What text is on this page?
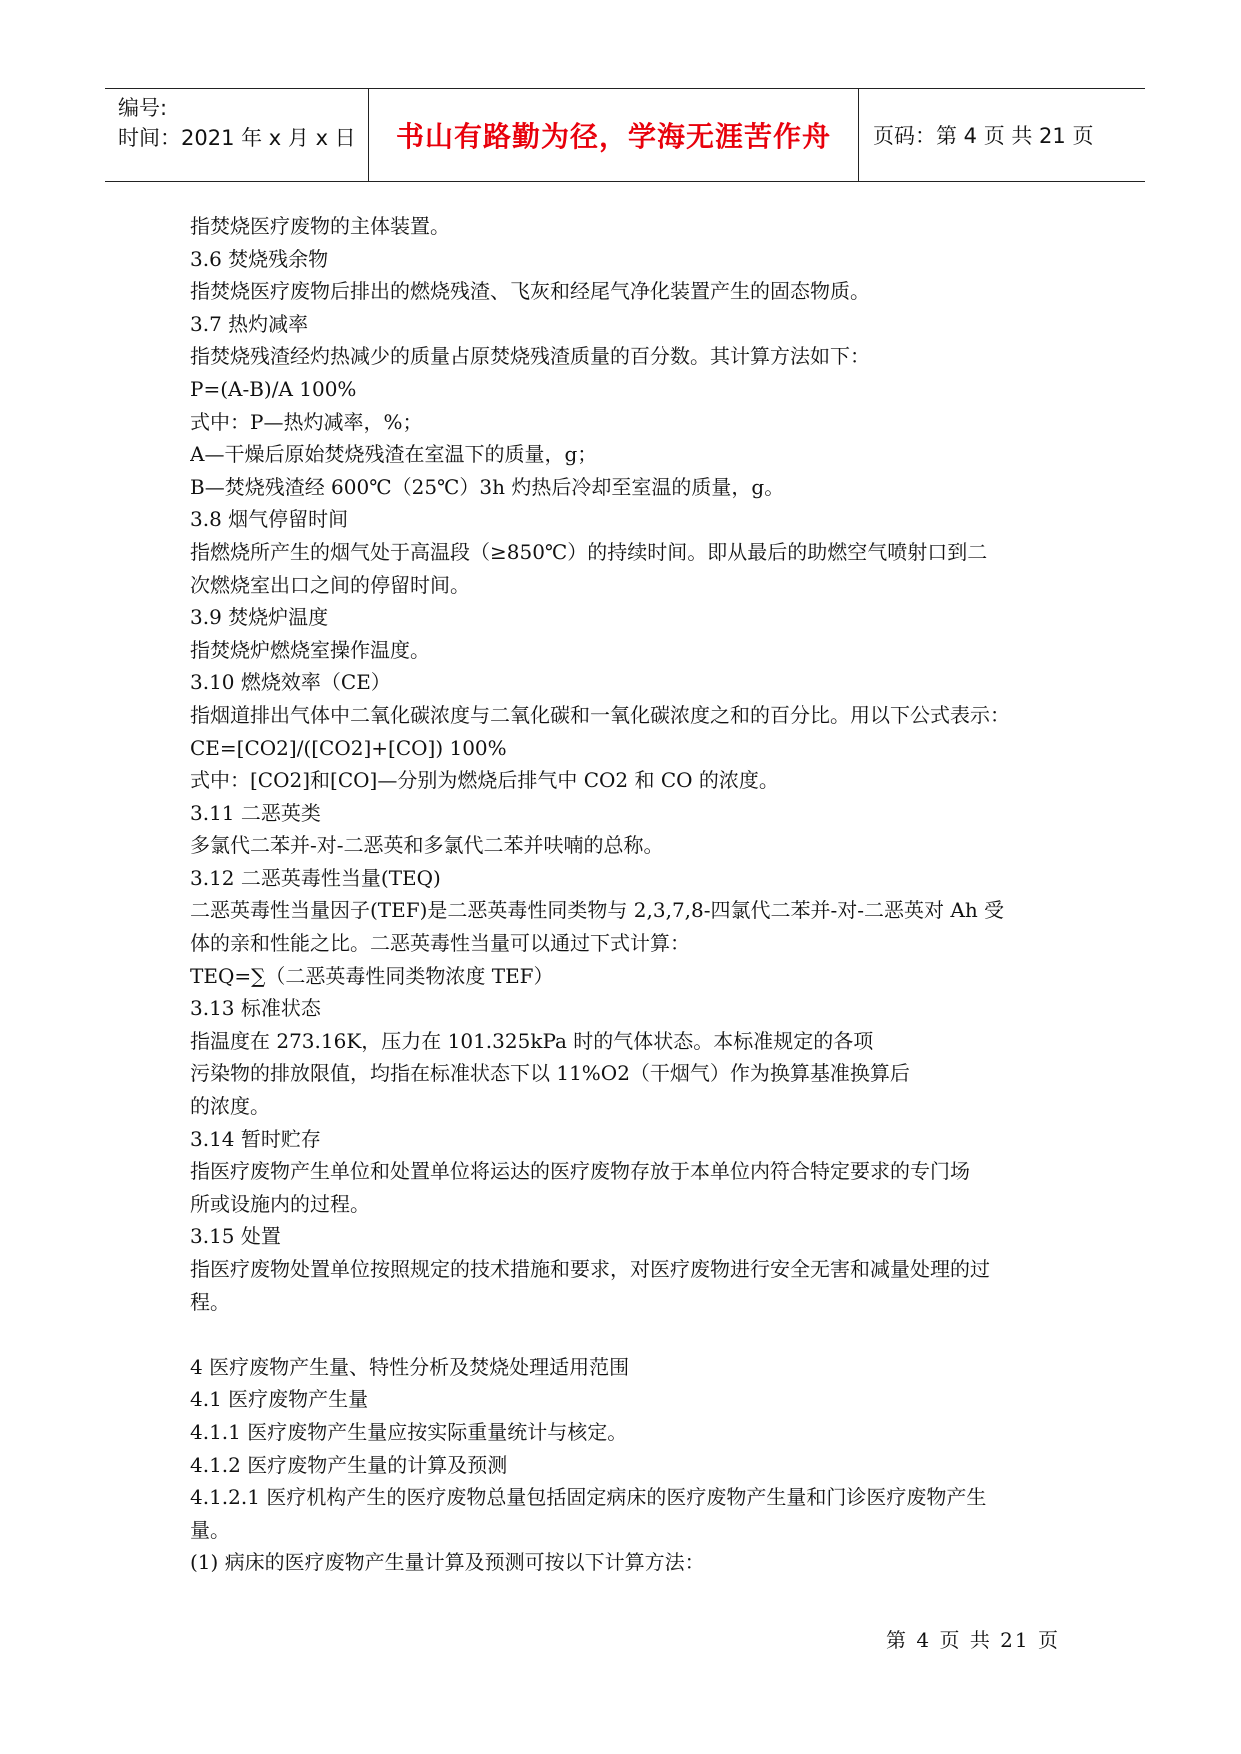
编号:
时间：2021 年 x 月 x 日	书山有路勤为径，学海无涯苦作舟	页码：第 4 页 共 21 页
指焚烧医疗废物的主体装置。
3.6 焚烧残余物
指焚烧医疗废物后排出的燃烧残渣、飞灰和经尾气净化装置产生的固态物质。
3.7 热灼减率
指焚烧残渣经灼热减少的质量占原焚烧残渣质量的百分数。其计算方法如下：
P=(A-B)/A 100%
式中：P—热灼减率，%；
A—干燥后原始焚烧残渣在室温下的质量，g；
B—焚烧残渣经 600℃（25℃）3h 灼热后冷却至室温的质量，g。
3.8 烟气停留时间
指燃烧所产生的烟气处于高温段（≥850℃）的持续时间。即从最后的助燃空气喷射口到二
次燃烧室出口之间的停留时间。
3.9 焚烧炉温度
指焚烧炉燃烧室操作温度。
3.10 燃烧效率（CE）
指烟道排出气体中二氧化碳浓度与二氧化碳和一氧化碳浓度之和的百分比。用以下公式表示：
CE=[CO2]/([CO2]+[CO]) 100%
式中：[CO2]和[CO]—分别为燃烧后排气中 CO2 和 CO 的浓度。
3.11 二恶英类
多氯代二苯并-对-二恶英和多氯代二苯并呋喃的总称。
3.12 二恶英毒性当量(TEQ)
二恶英毒性当量因子(TEF)是二恶英毒性同类物与 2,3,7,8-四氯代二苯并-对-二恶英对 Ah 受
体的亲和性能之比。二恶英毒性当量可以通过下式计算：
TEQ=∑（二恶英毒性同类物浓度 TEF）
3.13 标准状态
指温度在 273.16K，压力在 101.325kPa 时的气体状态。本标准规定的各项
污染物的排放限值，均指在标准状态下以 11%O2（干烟气）作为换算基准换算后
的浓度。
3.14 暂时贮存
指医疗废物产生单位和处置单位将运达的医疗废物存放于本单位内符合特定要求的专门场
所或设施内的过程。
3.15 处置
指医疗废物处置单位按照规定的技术措施和要求，对医疗废物进行安全无害和减量处理的过
程。
4 医疗废物产生量、特性分析及焚烧处理适用范围
4.1 医疗废物产生量
4.1.1 医疗废物产生量应按实际重量统计与核定。
4.1.2 医疗废物产生量的计算及预测
4.1.2.1 医疗机构产生的医疗废物总量包括固定病床的医疗废物产生量和门诊医疗废物产生
量。
(1) 病床的医疗废物产生量计算及预测可按以下计算方法：
第 4 页 共 21 页
